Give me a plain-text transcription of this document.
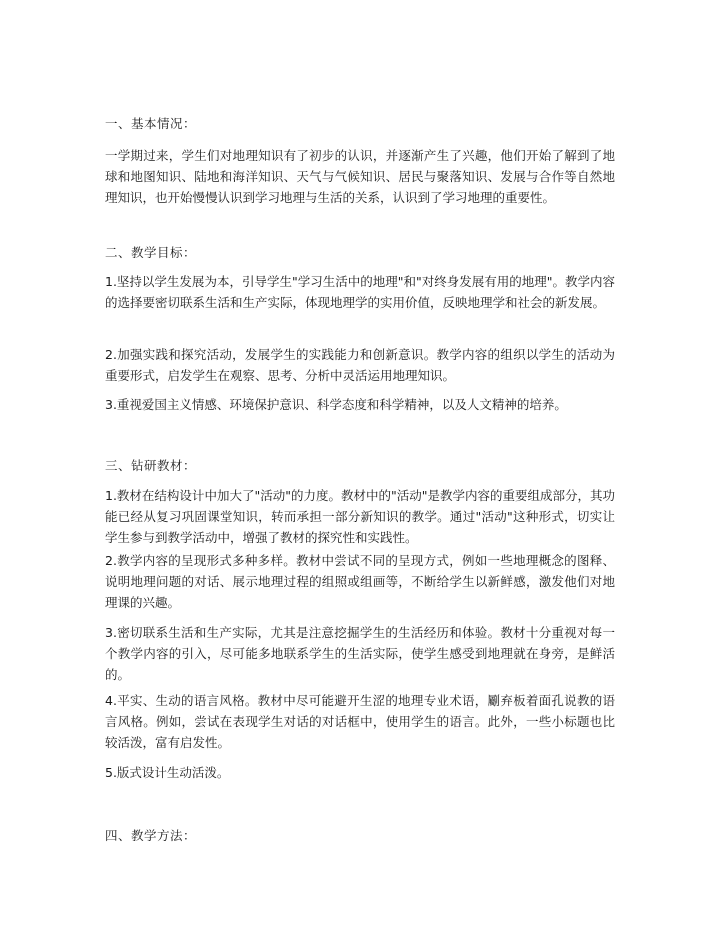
一、基本情况：
一学期过来，学生们对地理知识有了初步的认识，并逐渐产生了兴趣，他们开始了解到了地球和地图知识、陆地和海洋知识、天气与气候知识、居民与聚落知识、发展与合作等自然地理知识，也开始慢慢认识到学习地理与生活的关系，认识到了学习地理的重要性。
二、教学目标：
1.坚持以学生发展为本，引导学生"学习生活中的地理"和"对终身发展有用的地理"。教学内容的选择要密切联系生活和生产实际，体现地理学的实用价值，反映地理学和社会的新发展。
2.加强实践和探究活动，发展学生的实践能力和创新意识。教学内容的组织以学生的活动为重要形式，启发学生在观察、思考、分析中灵活运用地理知识。
3.重视爱国主义情感、环境保护意识、科学态度和科学精神，以及人文精神的培养。
三、钻研教材：
1.教材在结构设计中加大了"活动"的力度。教材中的"活动"是教学内容的重要组成部分，其功能已经从复习巩固课堂知识，转而承担一部分新知识的教学。通过"活动"这种形式，切实让学生参与到教学活动中，增强了教材的探究性和实践性。
2.教学内容的呈现形式多种多样。教材中尝试不同的呈现方式，例如一些地理概念的图释、说明地理问题的对话、展示地理过程的组照或组画等，不断给学生以新鲜感，激发他们对地理课的兴趣。
3.密切联系生活和生产实际，尤其是注意挖掘学生的生活经历和体验。教材十分重视对每一个教学内容的引入，尽可能多地联系学生的生活实际，使学生感受到地理就在身旁，是鲜活的。
4.平实、生动的语言风格。教材中尽可能避开生涩的地理专业术语，劚弃板着面孔说教的语言风格。例如，尝试在表现学生对话的对话框中，使用学生的语言。此外，一些小标题也比较活泼，富有启发性。
5.版式设计生动活泼。
四、教学方法：
